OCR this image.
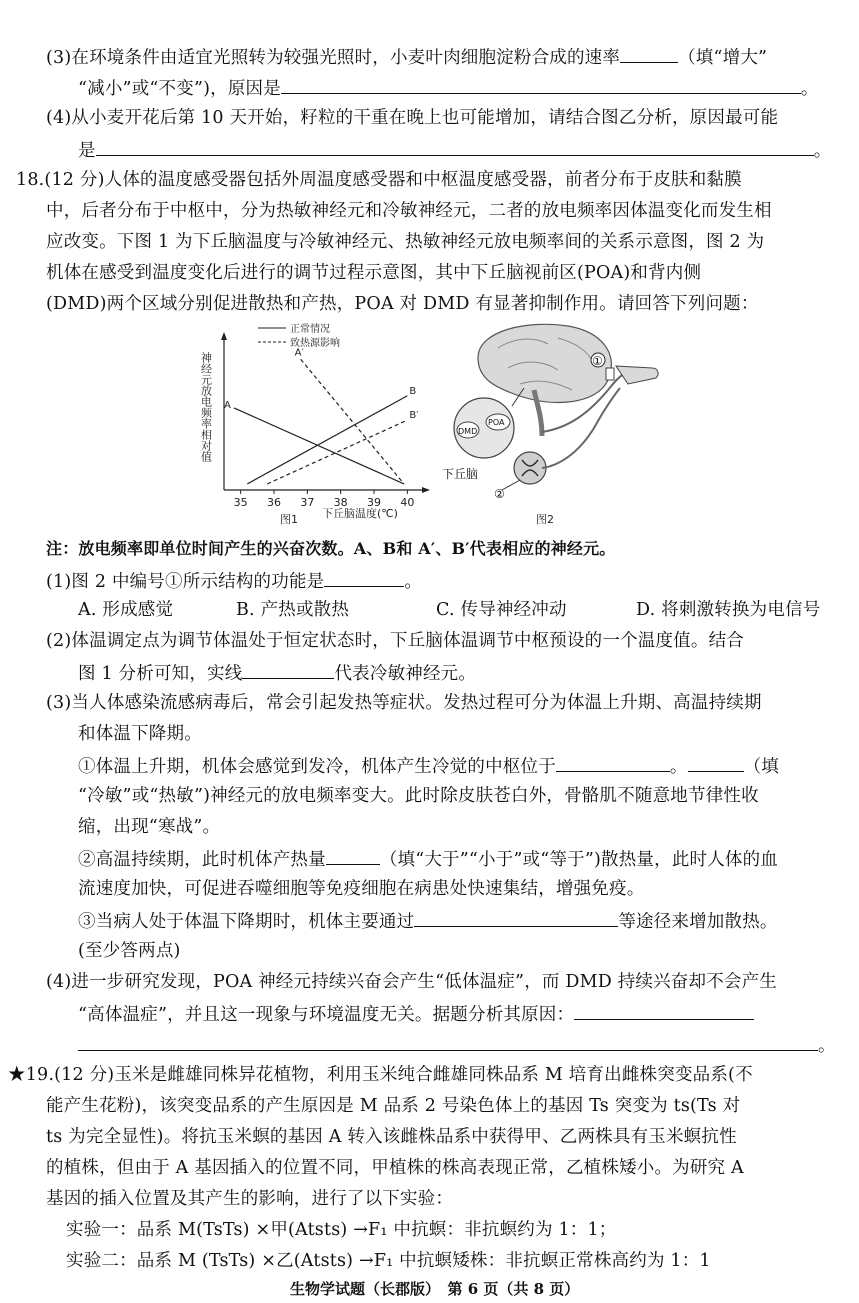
(3)在环境条件由适宜光照转为较强光照时，小麦叶肉细胞淀粉合成的速率	（填“增大”
“减小”或“不变”)，原因是	。
(4)从小麦开花后第 10 天开始，籽粒的干重在晚上也可能增加，请结合图乙分析，原因最可能
是	。
18.(12 分)人体的温度感受器包括外周温度感受器和中枢温度感受器，前者分布于皮肤和黏膜
中，后者分布于中枢中，分为热敏神经元和冷敏神经元，二者的放电频率因体温变化而发生相
应改变。下图 1 为下丘脑温度与冷敏神经元、热敏神经元放电频率间的关系示意图，图 2 为
机体在感受到温度变化后进行的调节过程示意图，其中下丘脑视前区(POA)和背内侧
(DMD)两个区域分别促进散热和产热，POA 对 DMD 有显著抑制作用。请回答下列问题：
正常情况
致热源影响
神经元放电频率相对值
35 36 37 38 39 40
A
B
A′
B′
下丘脑温度(℃)
图1
DMD
POA
下丘脑
①
②
图2
注：放电频率即单位时间产生的兴奋次数。A、B和 A′、B′代表相应的神经元。
(1)图 2 中编号①所示结构的功能是	。
A. 形成感觉	B. 产热或散热	C. 传导神经冲动	D. 将刺激转换为电信号
(2)体温调定点为调节体温处于恒定状态时，下丘脑体温调节中枢预设的一个温度值。结合
图 1 分析可知，实线	代表冷敏神经元。
(3)当人体感染流感病毒后，常会引起发热等症状。发热过程可分为体温上升期、高温持续期
和体温下降期。
①体温上升期，机体会感觉到发冷，机体产生冷觉的中枢位于	。	（填
“冷敏”或“热敏”)神经元的放电频率变大。此时除皮肤苍白外，骨骼肌不随意地节律性收
缩，出现“寒战”。
②高温持续期，此时机体产热量	（填“大于”“小于”或“等于”)散热量，此时人体的血
流速度加快，可促进吞噬细胞等免疫细胞在病患处快速集结，增强免疫。
③当病人处于体温下降期时，机体主要通过	等途径来增加散热。
(至少答两点)
(4)进一步研究发现，POA 神经元持续兴奋会产生“低体温症”，而 DMD 持续兴奋却不会产生
“高体温症”，并且这一现象与环境温度无关。据题分析其原因：
。
★19.(12 分)玉米是雌雄同株异花植物，利用玉米纯合雌雄同株品系 M 培育出雌株突变品系(不
能产生花粉)，该突变品系的产生原因是 M 品系 2 号染色体上的基因 Ts 突变为 ts(Ts 对
ts 为完全显性)。将抗玉米螟的基因 A 转入该雌株品系中获得甲、乙两株具有玉米螟抗性
的植株，但由于 A 基因插入的位置不同，甲植株的株高表现正常，乙植株矮小。为研究 A
基因的插入位置及其产生的影响，进行了以下实验：
实验一：品系 M(TsTs) ×甲(Atsts) →F₁ 中抗螟：非抗螟约为 1：1；
实验二：品系 M (TsTs) ×乙(Atsts) →F₁ 中抗螟矮株：非抗螟正常株高约为 1：1
生物学试题（长郡版）　第 6 页（共 8 页）
